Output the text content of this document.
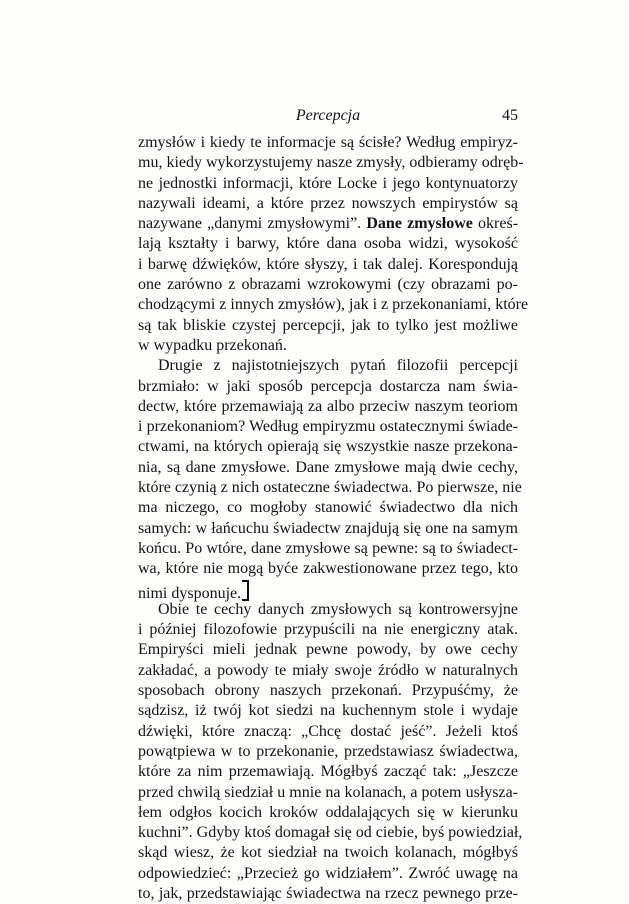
Percepcja	45
zmysłów i kiedy te informacje są ścisłe? Według empiryz-
mu, kiedy wykorzystujemy nasze zmysły, odbieramy odręb-
ne jednostki informacji, które Locke i jego kontynuatorzy
nazywali ideami, a które przez nowszych empirystów są
nazywane „danymi zmysłowymi”. Dane zmysłowe okreś-
lają kształty i barwy, które dana osoba widzi, wysokość
i barwę dźwięków, które słyszy, i tak dalej. Korespondują
one zarówno z obrazami wzrokowymi (czy obrazami po-
chodzącymi z innych zmysłów), jak i z przekonaniami, które
są tak bliskie czystej percepcji, jak to tylko jest możliwe
w wypadku przekonań.
Drugie z najistotniejszych pytań filozofii percepcji
brzmiało: w jaki sposób percepcja dostarcza nam świa-
dectw, które przemawiają za albo przeciw naszym teoriom
i przekonaniom? Według empiryzmu ostatecznymi świade-
ctwami, na których opierają się wszystkie nasze przekona-
nia, są dane zmysłowe. Dane zmysłowe mają dwie cechy,
które czynią z nich ostateczne świadectwa. Po pierwsze, nie
ma niczego, co mogłoby stanowić świadectwo dla nich
samych: w łańcuchu świadectw znajdują się one na samym
końcu. Po wtóre, dane zmysłowe są pewne: są to świadect-
wa, które nie mogą byće zakwestionowane przez tego, kto
nimi dysponuje.
Obie te cechy danych zmysłowych są kontrowersyjne
i później filozofowie przypuścili na nie energiczny atak.
Empiryści mieli jednak pewne powody, by owe cechy
zakładać, a powody te miały swoje źródło w naturalnych
sposobach obrony naszych przekonań. Przypuśćmy, że
sądzisz, iż twój kot siedzi na kuchennym stole i wydaje
dźwięki, które znaczą: „Chcę dostać jeść”. Jeżeli ktoś
powątpiewa w to przekonanie, przedstawiasz świadectwa,
które za nim przemawiają. Mógłbyś zacząć tak: „Jeszcze
przed chwilą siedział u mnie na kolanach, a potem usłysza-
łem odgłos kocich kroków oddalających się w kierunku
kuchni”. Gdyby ktoś domagał się od ciebie, byś powiedział,
skąd wiesz, że kot siedział na twoich kolanach, mógłbyś
odpowiedzieć: „Przecież go widziałem”. Zwróć uwagę na
to, jak, przedstawiając świadectwa na rzecz pewnego prze-
